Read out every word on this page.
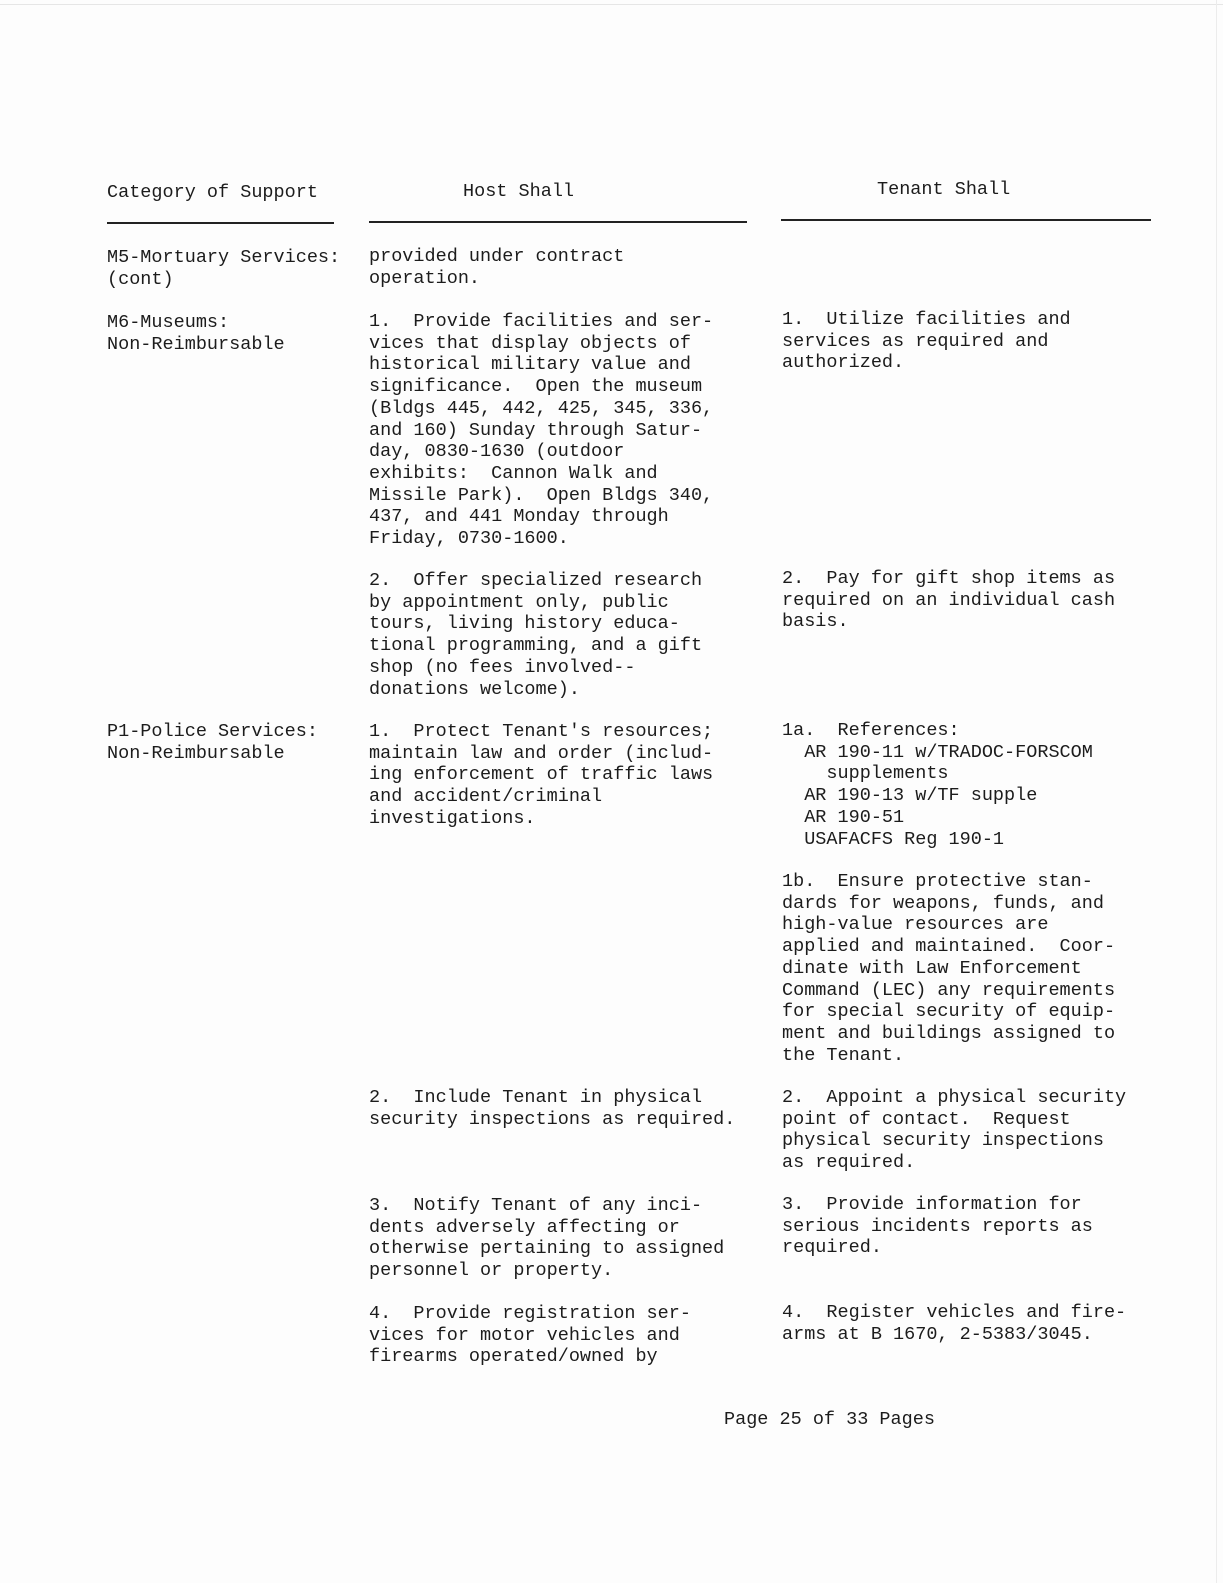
Category of Support	Host Shall	Tenant Shall
M5-Mortuary Services:
(cont)
provided under contract
operation.
M6-Museums:
Non-Reimbursable
1.  Provide facilities and ser-
vices that display objects of
historical military value and
significance.  Open the museum
(Bldgs 445, 442, 425, 345, 336,
and 160) Sunday through Satur-
day, 0830-1630 (outdoor
exhibits:  Cannon Walk and
Missile Park).  Open Bldgs 340,
437, and 441 Monday through
Friday, 0730-1600.
1.  Utilize facilities and
services as required and
authorized.
2.  Offer specialized research
by appointment only, public
tours, living history educa-
tional programming, and a gift
shop (no fees involved--
donations welcome).
2.  Pay for gift shop items as
required on an individual cash
basis.
P1-Police Services:
Non-Reimbursable
1.  Protect Tenant's resources;
maintain law and order (includ-
ing enforcement of traffic laws
and accident/criminal
investigations.
1a.  References:
AR 190-11 w/TRADOC-FORSCOM
supplements
AR 190-13 w/TF supple
AR 190-51
USAFACFS Reg 190-1
1b.  Ensure protective stan-
dards for weapons, funds, and
high-value resources are
applied and maintained.  Coor-
dinate with Law Enforcement
Command (LEC) any requirements
for special security of equip-
ment and buildings assigned to
the Tenant.
2.  Include Tenant in physical
security inspections as required.
2.  Appoint a physical security
point of contact.  Request
physical security inspections
as required.
3.  Notify Tenant of any inci-
dents adversely affecting or
otherwise pertaining to assigned
personnel or property.
3.  Provide information for
serious incidents reports as
required.
4.  Provide registration ser-
vices for motor vehicles and
firearms operated/owned by
4.  Register vehicles and fire-
arms at B 1670, 2-5383/3045.
Page 25 of 33 Pages
